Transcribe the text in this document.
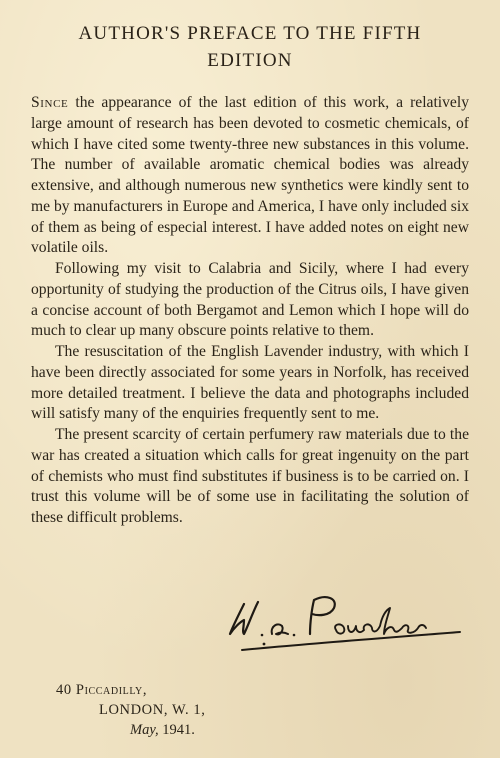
AUTHOR'S PREFACE TO THE FIFTH
EDITION

Since the appearance of the last edition of this work, a relatively large amount of research has been devoted to cosmetic chemicals, of which I have cited some twenty-three new substances in this volume. The number of available aromatic chemical bodies was already extensive, and although numerous new synthetics were kindly sent to me by manufacturers in Europe and America, I have only included six of them as being of especial interest. I have added notes on eight new volatile oils.

Following my visit to Calabria and Sicily, where I had every opportunity of studying the production of the Citrus oils, I have given a concise account of both Bergamot and Lemon which I hope will do much to clear up many obscure points relative to them.

The resuscitation of the English Lavender industry, with which I have been directly associated for some years in Norfolk, has received more detailed treatment. I believe the data and photographs included will satisfy many of the enquiries frequently sent to me.

The present scarcity of certain perfumery raw materials due to the war has created a situation which calls for great ingenuity on the part of chemists who must find substitutes if business is to be carried on. I trust this volume will be of some use in facilitating the solution of these difficult problems.

40 Piccadilly,
LONDON, W. 1,
May, 1941.
